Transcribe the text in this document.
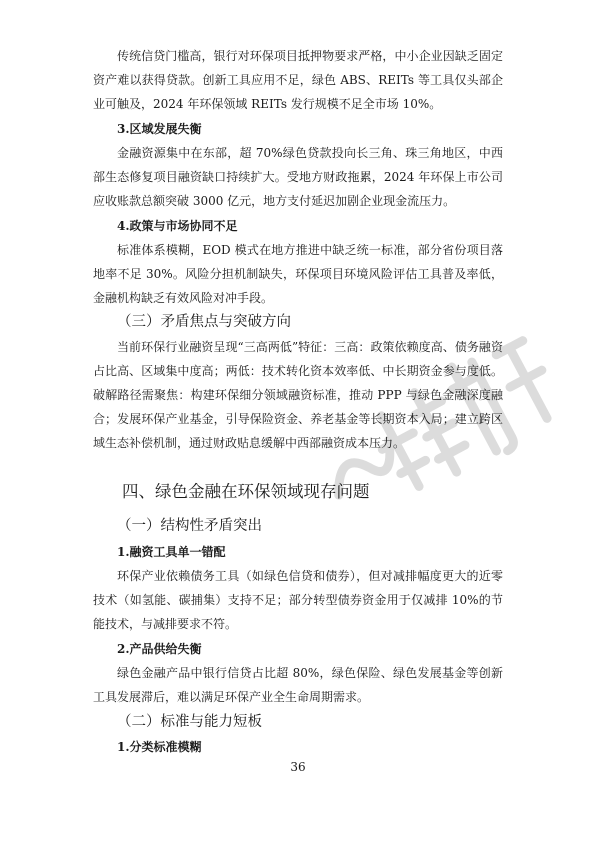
传统信贷门槛高，银行对环保项目抵押物要求严格，中小企业因缺乏固定资产难以获得贷款。创新工具应用不足，绿色 ABS、REITs 等工具仅头部企业可触及，2024 年环保领域 REITs 发行规模不足全市场 10%。

3.区域发展失衡

金融资源集中在东部，超 70%绿色贷款投向长三角、珠三角地区，中西部生态修复项目融资缺口持续扩大。受地方财政拖累，2024 年环保上市公司应收账款总额突破 3000 亿元，地方支付延迟加剧企业现金流压力。

4.政策与市场协同不足

标准体系模糊，EOD 模式在地方推进中缺乏统一标准，部分省份项目落地率不足 30%。风险分担机制缺失，环保项目环境风险评估工具普及率低，金融机构缺乏有效风险对冲手段。

（三）矛盾焦点与突破方向

当前环保行业融资呈现“三高两低”特征：三高：政策依赖度高、债务融资占比高、区域集中度高；两低：技术转化资本效率低、中长期资金参与度低。破解路径需聚焦：构建环保细分领域融资标准，推动 PPP 与绿色金融深度融合；发展环保产业基金，引导保险资金、养老基金等长期资本入局；建立跨区域生态补偿机制，通过财政贴息缓解中西部融资成本压力。

四、绿色金融在环保领域现存问题
（一）结构性矛盾突出
1.融资工具单一错配

环保产业依赖债务工具（如绿色信贷和债券），但对减排幅度更大的近零技术（如氢能、碳捕集）支持不足；部分转型债券资金用于仅减排 10%的节能技术，与减排要求不符。

2.产品供给失衡

绿色金融产品中银行信贷占比超 80%，绿色保险、绿色发展基金等创新工具发展滞后，难以满足环保产业全生命周期需求。

（二）标准与能力短板
1.分类标准模糊
36
